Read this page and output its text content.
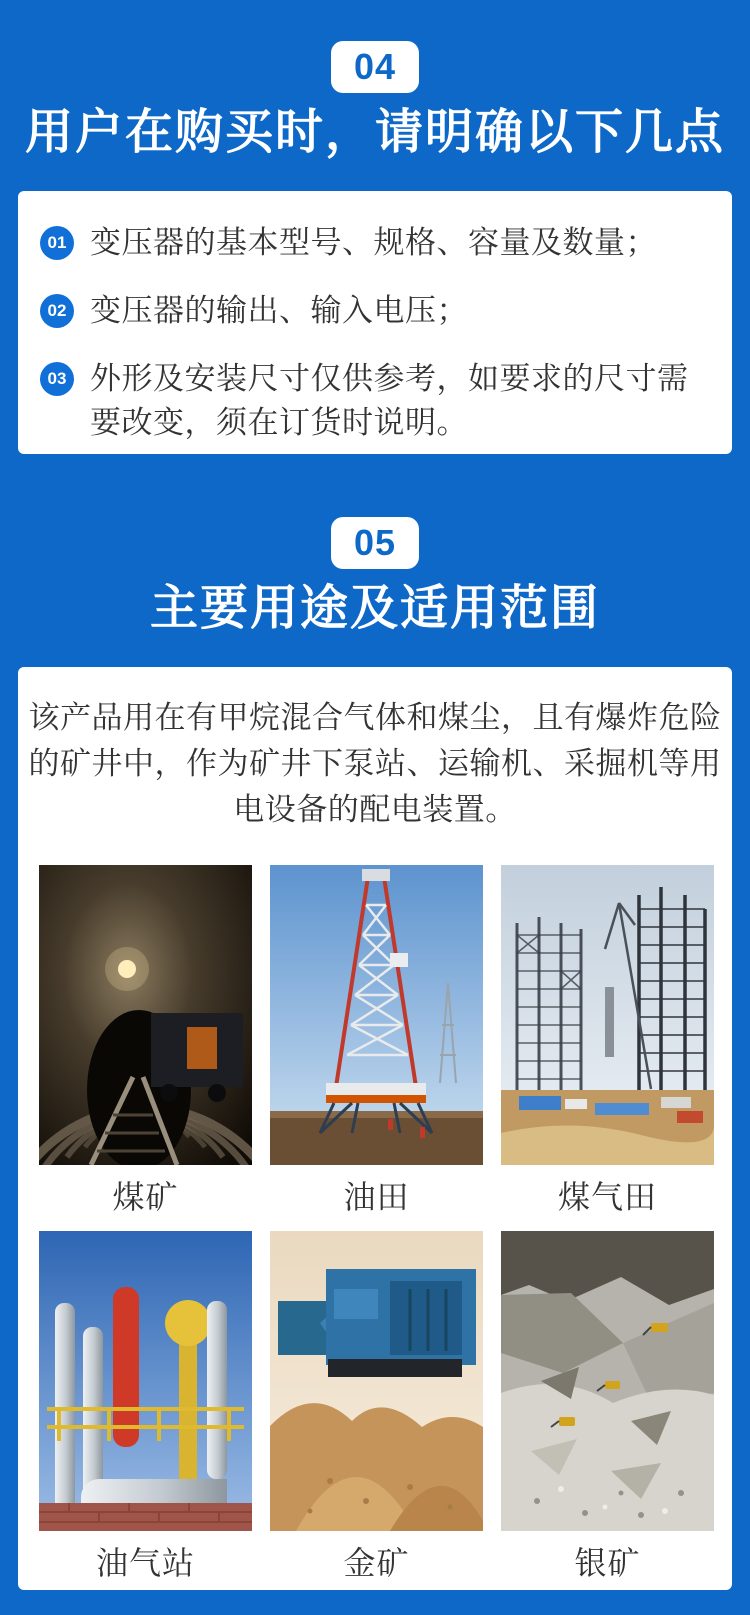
04
用户在购买时，请明确以下几点
01 变压器的基本型号、规格、容量及数量；

02 变压器的输出、输入电压；

03 外形及安装尺寸仅供参考，如要求的尺寸需要改变，须在订货时说明。

05
主要用途及适用范围
该产品用在有甲烷混合气体和煤尘，且有爆炸危险
的矿井中，作为矿井下泵站、运输机、采掘机等用
电设备的配电装置。
煤矿	油田	煤气田
油气站	金矿	银矿
